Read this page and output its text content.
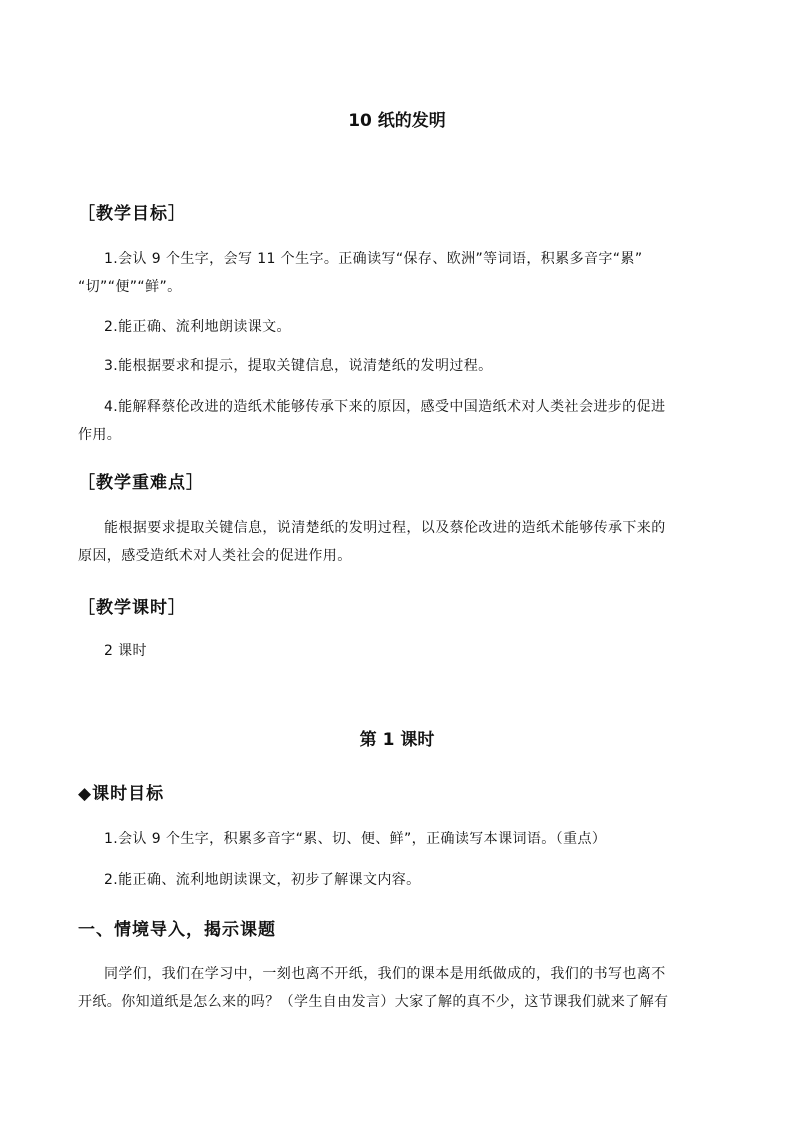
10 纸的发明
［教学目标］

1.会认 9 个生字，会写 11 个生字。正确读写“保存、欧洲”等词语，积累多音字“累”

“切”“便”“鲜”。

2.能正确、流利地朗读课文。

3.能根据要求和提示，提取关键信息，说清楚纸的发明过程。

4.能解释蔡伦改进的造纸术能够传承下来的原因，感受中国造纸术对人类社会进步的促进

作用。

［教学重难点］

能根据要求提取关键信息，说清楚纸的发明过程，以及蔡伦改进的造纸术能够传承下来的

原因，感受造纸术对人类社会的促进作用。

［教学课时］

2 课时

第 1 课时
◆课时目标

1.会认 9 个生字，积累多音字“累、切、便、鲜”，正确读写本课词语。（重点）

2.能正确、流利地朗读课文，初步了解课文内容。

一、情境导入，揭示课题

同学们，我们在学习中，一刻也离不开纸，我们的课本是用纸做成的，我们的书写也离不

开纸。你知道纸是怎么来的吗？（学生自由发言）大家了解的真不少，这节课我们就来了解有
